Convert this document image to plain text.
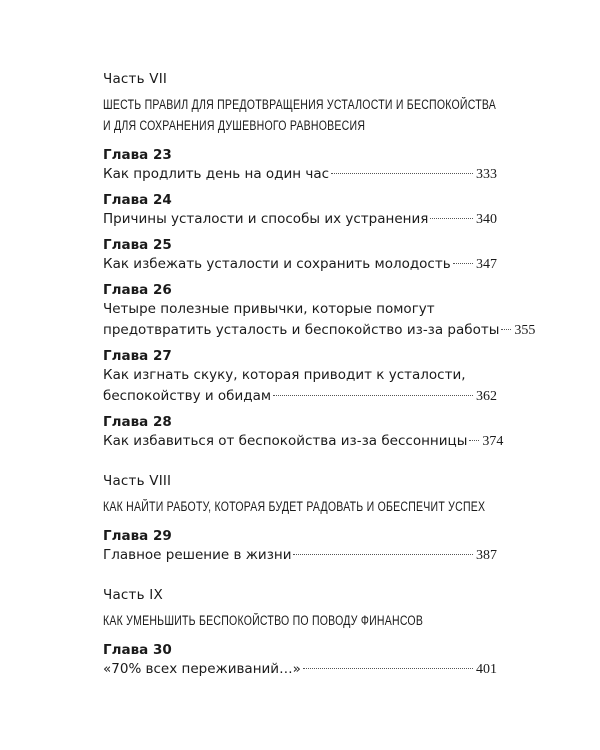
Часть VII

ШЕСТЬ ПРАВИЛ ДЛЯ ПРЕДОТВРАЩЕНИЯ УСТАЛОСТИ И БЕСПОКОЙСТВА
И ДЛЯ СОХРАНЕНИЯ ДУШЕВНОГО РАВНОВЕСИЯ

Глава 23

Как продлить день на один час	333

Глава 24

Причины усталости и способы их устранения	340

Глава 25

Как избежать усталости и сохранить молодость 347

Глава 26

Четыре полезные привычки, которые помогут
предотвратить усталость и беспокойство из-за работы 355

Глава 27

Как изгнать скуку, которая приводит к усталости,
беспокойству и обидам	362

Глава 28

Как избавиться от беспокойства из-за бессонницы 374

Часть VIII

КАК НАЙТИ РАБОТУ, КОТОРАЯ БУДЕТ РАДОВАТЬ И ОБЕСПЕЧИТ УСПЕХ

Глава 29

Главное решение в жизни	387

Часть IX

КАК УМЕНЬШИТЬ БЕСПОКОЙСТВО ПО ПОВОДУ ФИНАНСОВ

Глава 30

«70% всех переживаний…»	401
